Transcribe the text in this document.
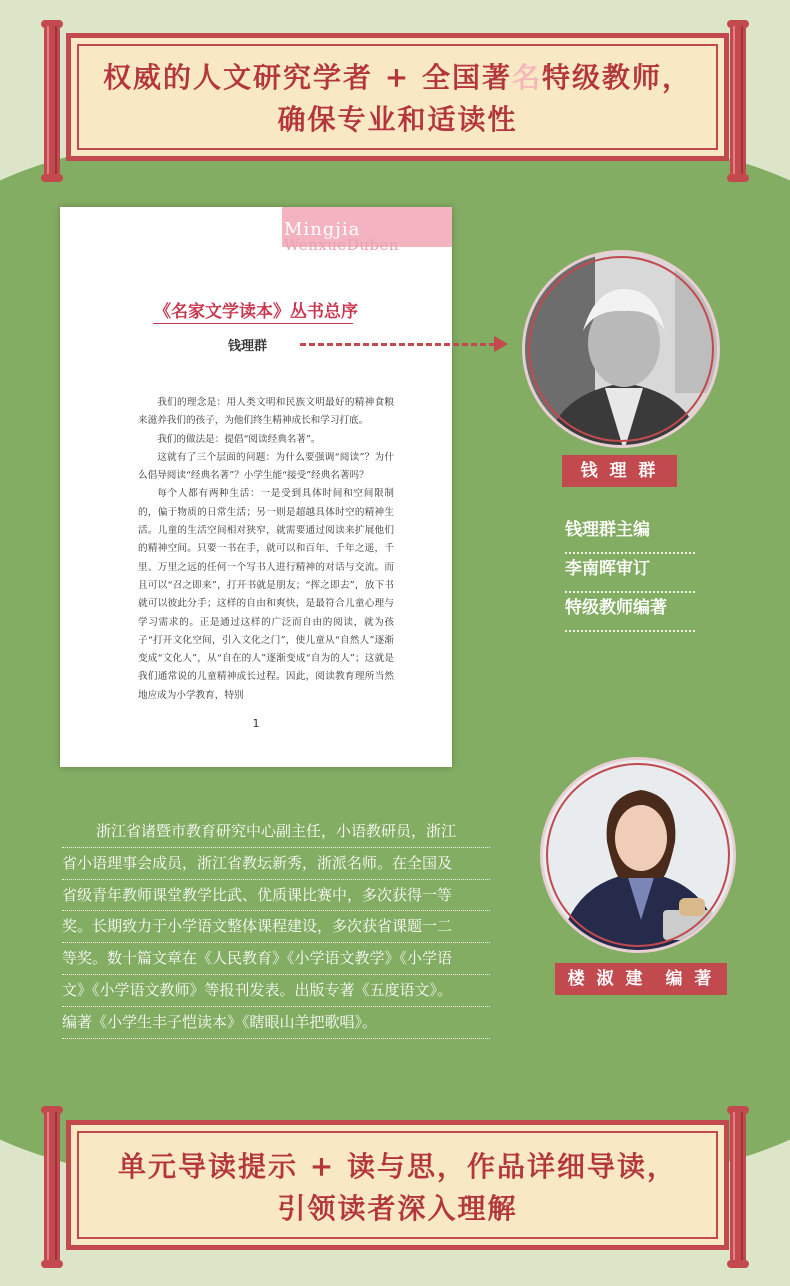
权威的人文研究学者 + 全国著名特级教师，
确保专业和适读性
Mingjia
WenxueDuben
《名家文学读本》丛书总序
钱理群

我们的理念是：用人类文明和民族文明最好的精神食粮来滋养我们的孩子，为他们终生精神成长和学习打底。

我们的做法是：提倡“阅读经典名著”。

这就有了三个层面的问题：为什么要强调“阅读”？为什么倡导阅读“经典名著”？小学生能“接受”经典名著吗？

每个人都有两种生活：一是受到具体时间和空间限制的，偏于物质的日常生活；另一则是超越具体时空的精神生活。儿童的生活空间相对狭窄，就需要通过阅读来扩展他们的精神空间。只要一书在手，就可以和百年、千年之遥，千里、万里之远的任何一个写书人进行精神的对话与交流。而且可以“召之即来”，打开书就是朋友；“挥之即去”，放下书就可以彼此分手；这样的自由和爽快，是最符合儿童心理与学习需求的。正是通过这样的广泛而自由的阅读，就为孩子“打开文化空间，引入文化之门”，使儿童从“自然人”逐渐变成“文化人”，从“自在的人”逐渐变成“自为的人”；这就是我们通常说的儿童精神成长过程。因此，阅读教育理所当然地应成为小学教育，特别

1
钱 理 群
钱理群主编
李南晖审订
特级教师编著
楼 淑 建　编 著
浙江省诸暨市教育研究中心副主任，小语教研员，浙江
省小语理事会成员，浙江省教坛新秀，浙派名师。在全国及
省级青年教师课堂教学比武、优质课比赛中，多次获得一等
奖。长期致力于小学语文整体课程建设，多次获省课题一二
等奖。数十篇文章在《人民教育》《小学语文教学》《小学语
文》《小学语文教师》等报刊发表。出版专著《五度语文》。
编著《小学生丰子恺读本》《瞎眼山羊把歌唱》。
单元导读提示 + 读与思，作品详细导读，
引领读者深入理解
